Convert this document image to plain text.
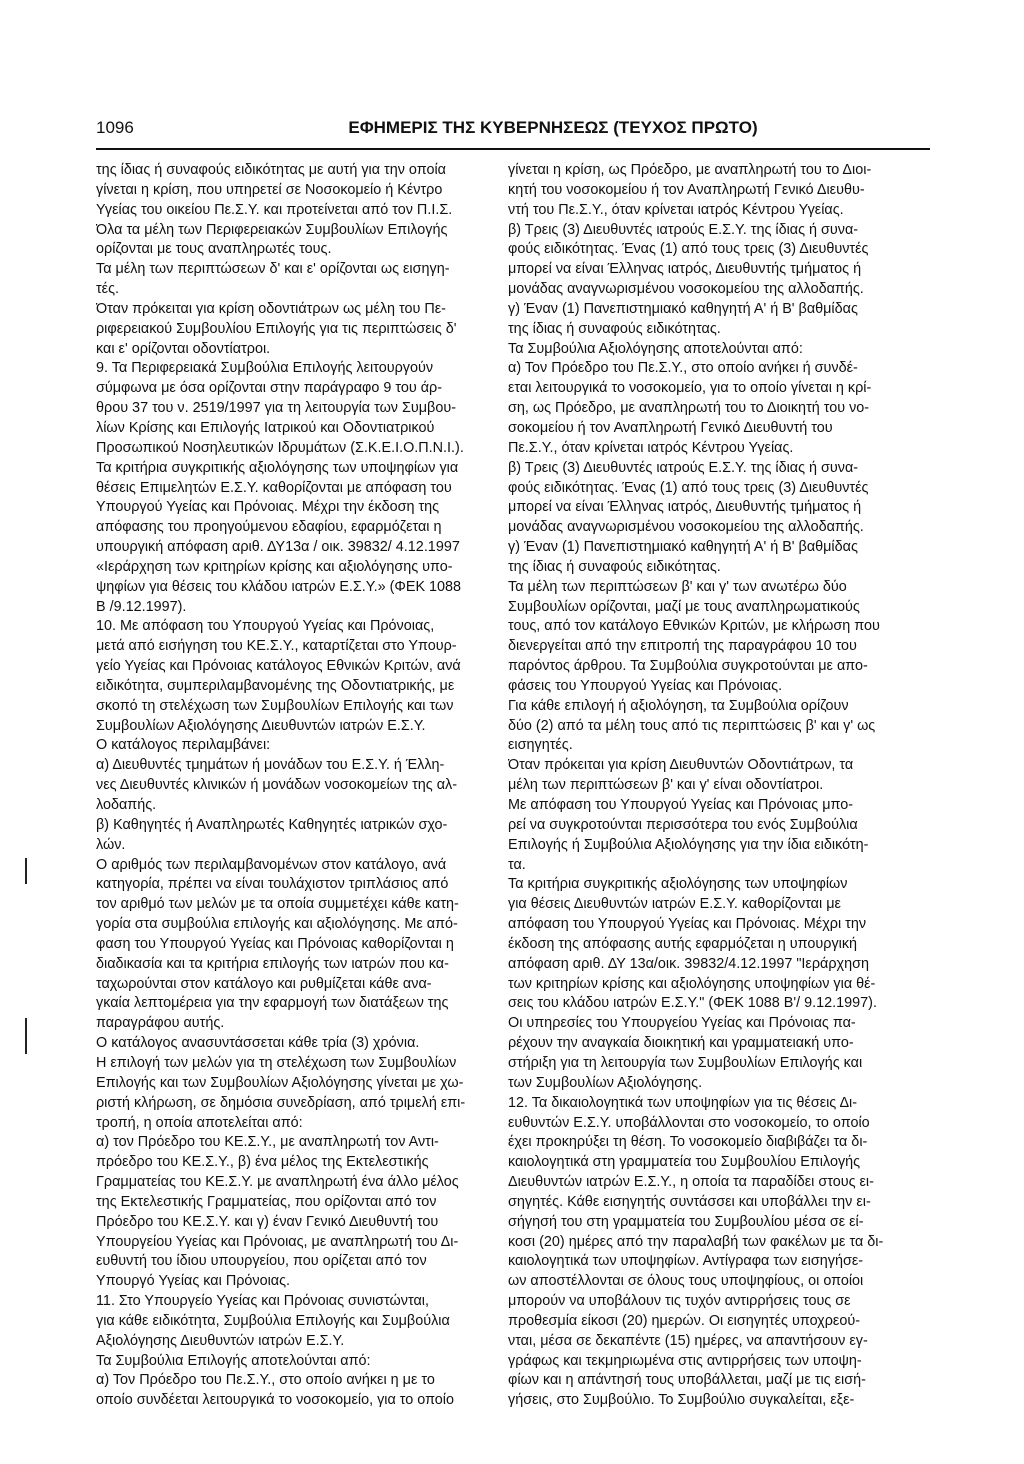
1096	ΕΦΗΜΕΡΙΣ ΤΗΣ ΚΥΒΕΡΝΗΣΕΩΣ (ΤΕΥΧΟΣ ΠΡΩΤΟ)
της ίδιας ή συναφούς ειδικότητας με αυτή για την οποία
γίνεται η κρίση, που υπηρετεί σε Νοσοκομείο ή Κέντρο
Υγείας του οικείου Πε.Σ.Υ. και προτείνεται από τον Π.Ι.Σ.
Όλα τα μέλη των Περιφερειακών Συμβουλίων Επιλογής
ορίζονται με τους αναπληρωτές τους.
Τα μέλη των περιπτώσεων δ' και ε' ορίζονται ως εισηγη-
τές.
Όταν πρόκειται για κρίση οδοντιάτρων ως μέλη του Πε-
ριφερειακού Συμβουλίου Επιλογής για τις περιπτώσεις δ'
και ε' ορίζονται οδοντίατροι.
9. Τα Περιφερειακά Συμβούλια Επιλογής λειτουργούν
σύμφωνα με όσα ορίζονται στην παράγραφο 9 του άρ-
θρου 37 του ν. 2519/1997 για τη λειτουργία των Συμβου-
λίων Κρίσης και Επιλογής Ιατρικού και Οδοντιατρικού
Προσωπικού Νοσηλευτικών Ιδρυμάτων (Σ.Κ.Ε.Ι.Ο.Π.Ν.Ι.).
Τα κριτήρια συγκριτικής αξιολόγησης των υποψηφίων για
θέσεις Επιμελητών Ε.Σ.Υ. καθορίζονται με απόφαση του
Υπουργού Υγείας και Πρόνοιας. Μέχρι την έκδοση της
απόφασης του προηγούμενου εδαφίου, εφαρμόζεται η
υπουργική απόφαση αριθ. ΔΥ13α / οικ. 39832/ 4.12.1997
«Ιεράρχηση των κριτηρίων κρίσης και αξιολόγησης υπο-
ψηφίων για θέσεις του κλάδου ιατρών Ε.Σ.Υ.» (ΦΕΚ 1088
Β /9.12.1997).
10. Με απόφαση του Υπουργού Υγείας και Πρόνοιας,
μετά από εισήγηση του ΚΕ.Σ.Υ., καταρτίζεται στο Υπουρ-
γείο Υγείας και Πρόνοιας κατάλογος Εθνικών Κριτών, ανά
ειδικότητα, συμπεριλαμβανομένης της Οδοντιατρικής, με
σκοπό τη στελέχωση των Συμβουλίων Επιλογής και των
Συμβουλίων Αξιολόγησης Διευθυντών ιατρών Ε.Σ.Υ.
Ο κατάλογος περιλαμβάνει:
α) Διευθυντές τμημάτων ή μονάδων του Ε.Σ.Υ. ή Έλλη-
νες Διευθυντές κλινικών ή μονάδων νοσοκομείων της αλ-
λοδαπής.
β) Καθηγητές ή Αναπληρωτές Καθηγητές ιατρικών σχο-
λών.
Ο αριθμός των περιλαμβανομένων στον κατάλογο, ανά
κατηγορία, πρέπει να είναι τουλάχιστον τριπλάσιος από
τον αριθμό των μελών με τα οποία συμμετέχει κάθε κατη-
γορία στα συμβούλια επιλογής και αξιολόγησης. Με από-
φαση του Υπουργού Υγείας και Πρόνοιας καθορίζονται η
διαδικασία και τα κριτήρια επιλογής των ιατρών που κα-
ταχωρούνται στον κατάλογο και ρυθμίζεται κάθε ανα-
γκαία λεπτομέρεια για την εφαρμογή των διατάξεων της
παραγράφου αυτής.
Ο κατάλογος ανασυντάσσεται κάθε τρία (3) χρόνια.
Η επιλογή των μελών για τη στελέχωση των Συμβουλίων
Επιλογής και των Συμβουλίων Αξιολόγησης γίνεται με χω-
ριστή κλήρωση, σε δημόσια συνεδρίαση, από τριμελή επι-
τροπή, η οποία αποτελείται από:
α) τον Πρόεδρο του ΚΕ.Σ.Υ., με αναπληρωτή τον Αντι-
πρόεδρο του ΚΕ.Σ.Υ., β) ένα μέλος της Εκτελεστικής
Γραμματείας του ΚΕ.Σ.Υ. με αναπληρωτή ένα άλλο μέλος
της Εκτελεστικής Γραμματείας, που ορίζονται από τον
Πρόεδρο του ΚΕ.Σ.Υ. και γ) έναν Γενικό Διευθυντή του
Υπουργείου Υγείας και Πρόνοιας, με αναπληρωτή του Δι-
ευθυντή του ίδιου υπουργείου, που ορίζεται από τον
Υπουργό Υγείας και Πρόνοιας.
11. Στο Υπουργείο Υγείας και Πρόνοιας συνιστώνται,
για κάθε ειδικότητα, Συμβούλια Επιλογής και Συμβούλια
Αξιολόγησης Διευθυντών ιατρών Ε.Σ.Υ.
Τα Συμβούλια Επιλογής αποτελούνται από:
α) Τον Πρόεδρο του Πε.Σ.Υ., στο οποίο ανήκει η με το
οποίο συνδέεται λειτουργικά το νοσοκομείο, για το οποίο
γίνεται η κρίση, ως Πρόεδρο, με αναπληρωτή του το Διοι-
κητή του νοσοκομείου ή τον Αναπληρωτή Γενικό Διευθυ-
ντή του Πε.Σ.Υ., όταν κρίνεται ιατρός Κέντρου Υγείας.
β) Τρεις (3) Διευθυντές ιατρούς Ε.Σ.Υ. της ίδιας ή συνα-
φούς ειδικότητας. Ένας (1) από τους τρεις (3) Διευθυντές
μπορεί να είναι Έλληνας ιατρός, Διευθυντής τμήματος ή
μονάδας αναγνωρισμένου νοσοκομείου της αλλοδαπής.
γ) Έναν (1) Πανεπιστημιακό καθηγητή Α' ή Β' βαθμίδας
της ίδιας ή συναφούς ειδικότητας.
Τα Συμβούλια Αξιολόγησης αποτελούνται από:
α) Τον Πρόεδρο του Πε.Σ.Υ., στο οποίο ανήκει ή συνδέ-
εται λειτουργικά το νοσοκομείο, για το οποίο γίνεται η κρί-
ση, ως Πρόεδρο, με αναπληρωτή του το Διοικητή του νο-
σοκομείου ή τον Αναπληρωτή Γενικό Διευθυντή του
Πε.Σ.Υ., όταν κρίνεται ιατρός Κέντρου Υγείας.
β) Τρεις (3) Διευθυντές ιατρούς Ε.Σ.Υ. της ίδιας ή συνα-
φούς ειδικότητας. Ένας (1) από τους τρεις (3) Διευθυντές
μπορεί να είναι Έλληνας ιατρός, Διευθυντής τμήματος ή
μονάδας αναγνωρισμένου νοσοκομείου της αλλοδαπής.
γ) Έναν (1) Πανεπιστημιακό καθηγητή Α' ή Β' βαθμίδας
της ίδιας ή συναφούς ειδικότητας.
Τα μέλη των περιπτώσεων β' και γ' των ανωτέρω δύο
Συμβουλίων ορίζονται, μαζί με τους αναπληρωματικούς
τους, από τον κατάλογο Εθνικών Κριτών, με κλήρωση που
διενεργείται από την επιτροπή της παραγράφου 10 του
παρόντος άρθρου. Τα Συμβούλια συγκροτούνται με απο-
φάσεις του Υπουργού Υγείας και Πρόνοιας.
Για κάθε επιλογή ή αξιολόγηση, τα Συμβούλια ορίζουν
δύο (2) από τα μέλη τους από τις περιπτώσεις β' και γ' ως
εισηγητές.
Όταν πρόκειται για κρίση Διευθυντών Οδοντιάτρων, τα
μέλη των περιπτώσεων β' και γ' είναι οδοντίατροι.
Με απόφαση του Υπουργού Υγείας και Πρόνοιας μπο-
ρεί να συγκροτούνται περισσότερα του ενός Συμβούλια
Επιλογής ή Συμβούλια Αξιολόγησης για την ίδια ειδικότη-
τα.
Τα κριτήρια συγκριτικής αξιολόγησης των υποψηφίων
για θέσεις Διευθυντών ιατρών Ε.Σ.Υ. καθορίζονται με
απόφαση του Υπουργού Υγείας και Πρόνοιας. Μέχρι την
έκδοση της απόφασης αυτής εφαρμόζεται η υπουργική
απόφαση αριθ. ΔΥ 13α/οικ. 39832/4.12.1997 "Ιεράρχηση
των κριτηρίων κρίσης και αξιολόγησης υποψηφίων για θέ-
σεις του κλάδου ιατρών Ε.Σ.Υ." (ΦΕΚ 1088 Β'/ 9.12.1997).
Οι υπηρεσίες του Υπουργείου Υγείας και Πρόνοιας πα-
ρέχουν την αναγκαία διοικητική και γραμματειακή υπο-
στήριξη για τη λειτουργία των Συμβουλίων Επιλογής και
των Συμβουλίων Αξιολόγησης.
12. Τα δικαιολογητικά των υποψηφίων για τις θέσεις Δι-
ευθυντών Ε.Σ.Υ. υποβάλλονται στο νοσοκομείο, το οποίο
έχει προκηρύξει τη θέση. Το νοσοκομείο διαβιβάζει τα δι-
καιολογητικά στη γραμματεία του Συμβουλίου Επιλογής
Διευθυντών ιατρών Ε.Σ.Υ., η οποία τα παραδίδει στους ει-
σηγητές. Κάθε εισηγητής συντάσσει και υποβάλλει την ει-
σήγησή του στη γραμματεία του Συμβουλίου μέσα σε εί-
κοσι (20) ημέρες από την παραλαβή των φακέλων με τα δι-
καιολογητικά των υποψηφίων. Αντίγραφα των εισηγήσε-
ων αποστέλλονται σε όλους τους υποψηφίους, οι οποίοι
μπορούν να υποβάλουν τις τυχόν αντιρρήσεις τους σε
προθεσμία είκοσι (20) ημερών. Οι εισηγητές υποχρεού-
νται, μέσα σε δεκαπέντε (15) ημέρες, να απαντήσουν εγ-
γράφως και τεκμηριωμένα στις αντιρρήσεις των υποψη-
φίων και η απάντησή τους υποβάλλεται, μαζί με τις εισή-
γήσεις, στο Συμβούλιο. Το Συμβούλιο συγκαλείται, εξε-
